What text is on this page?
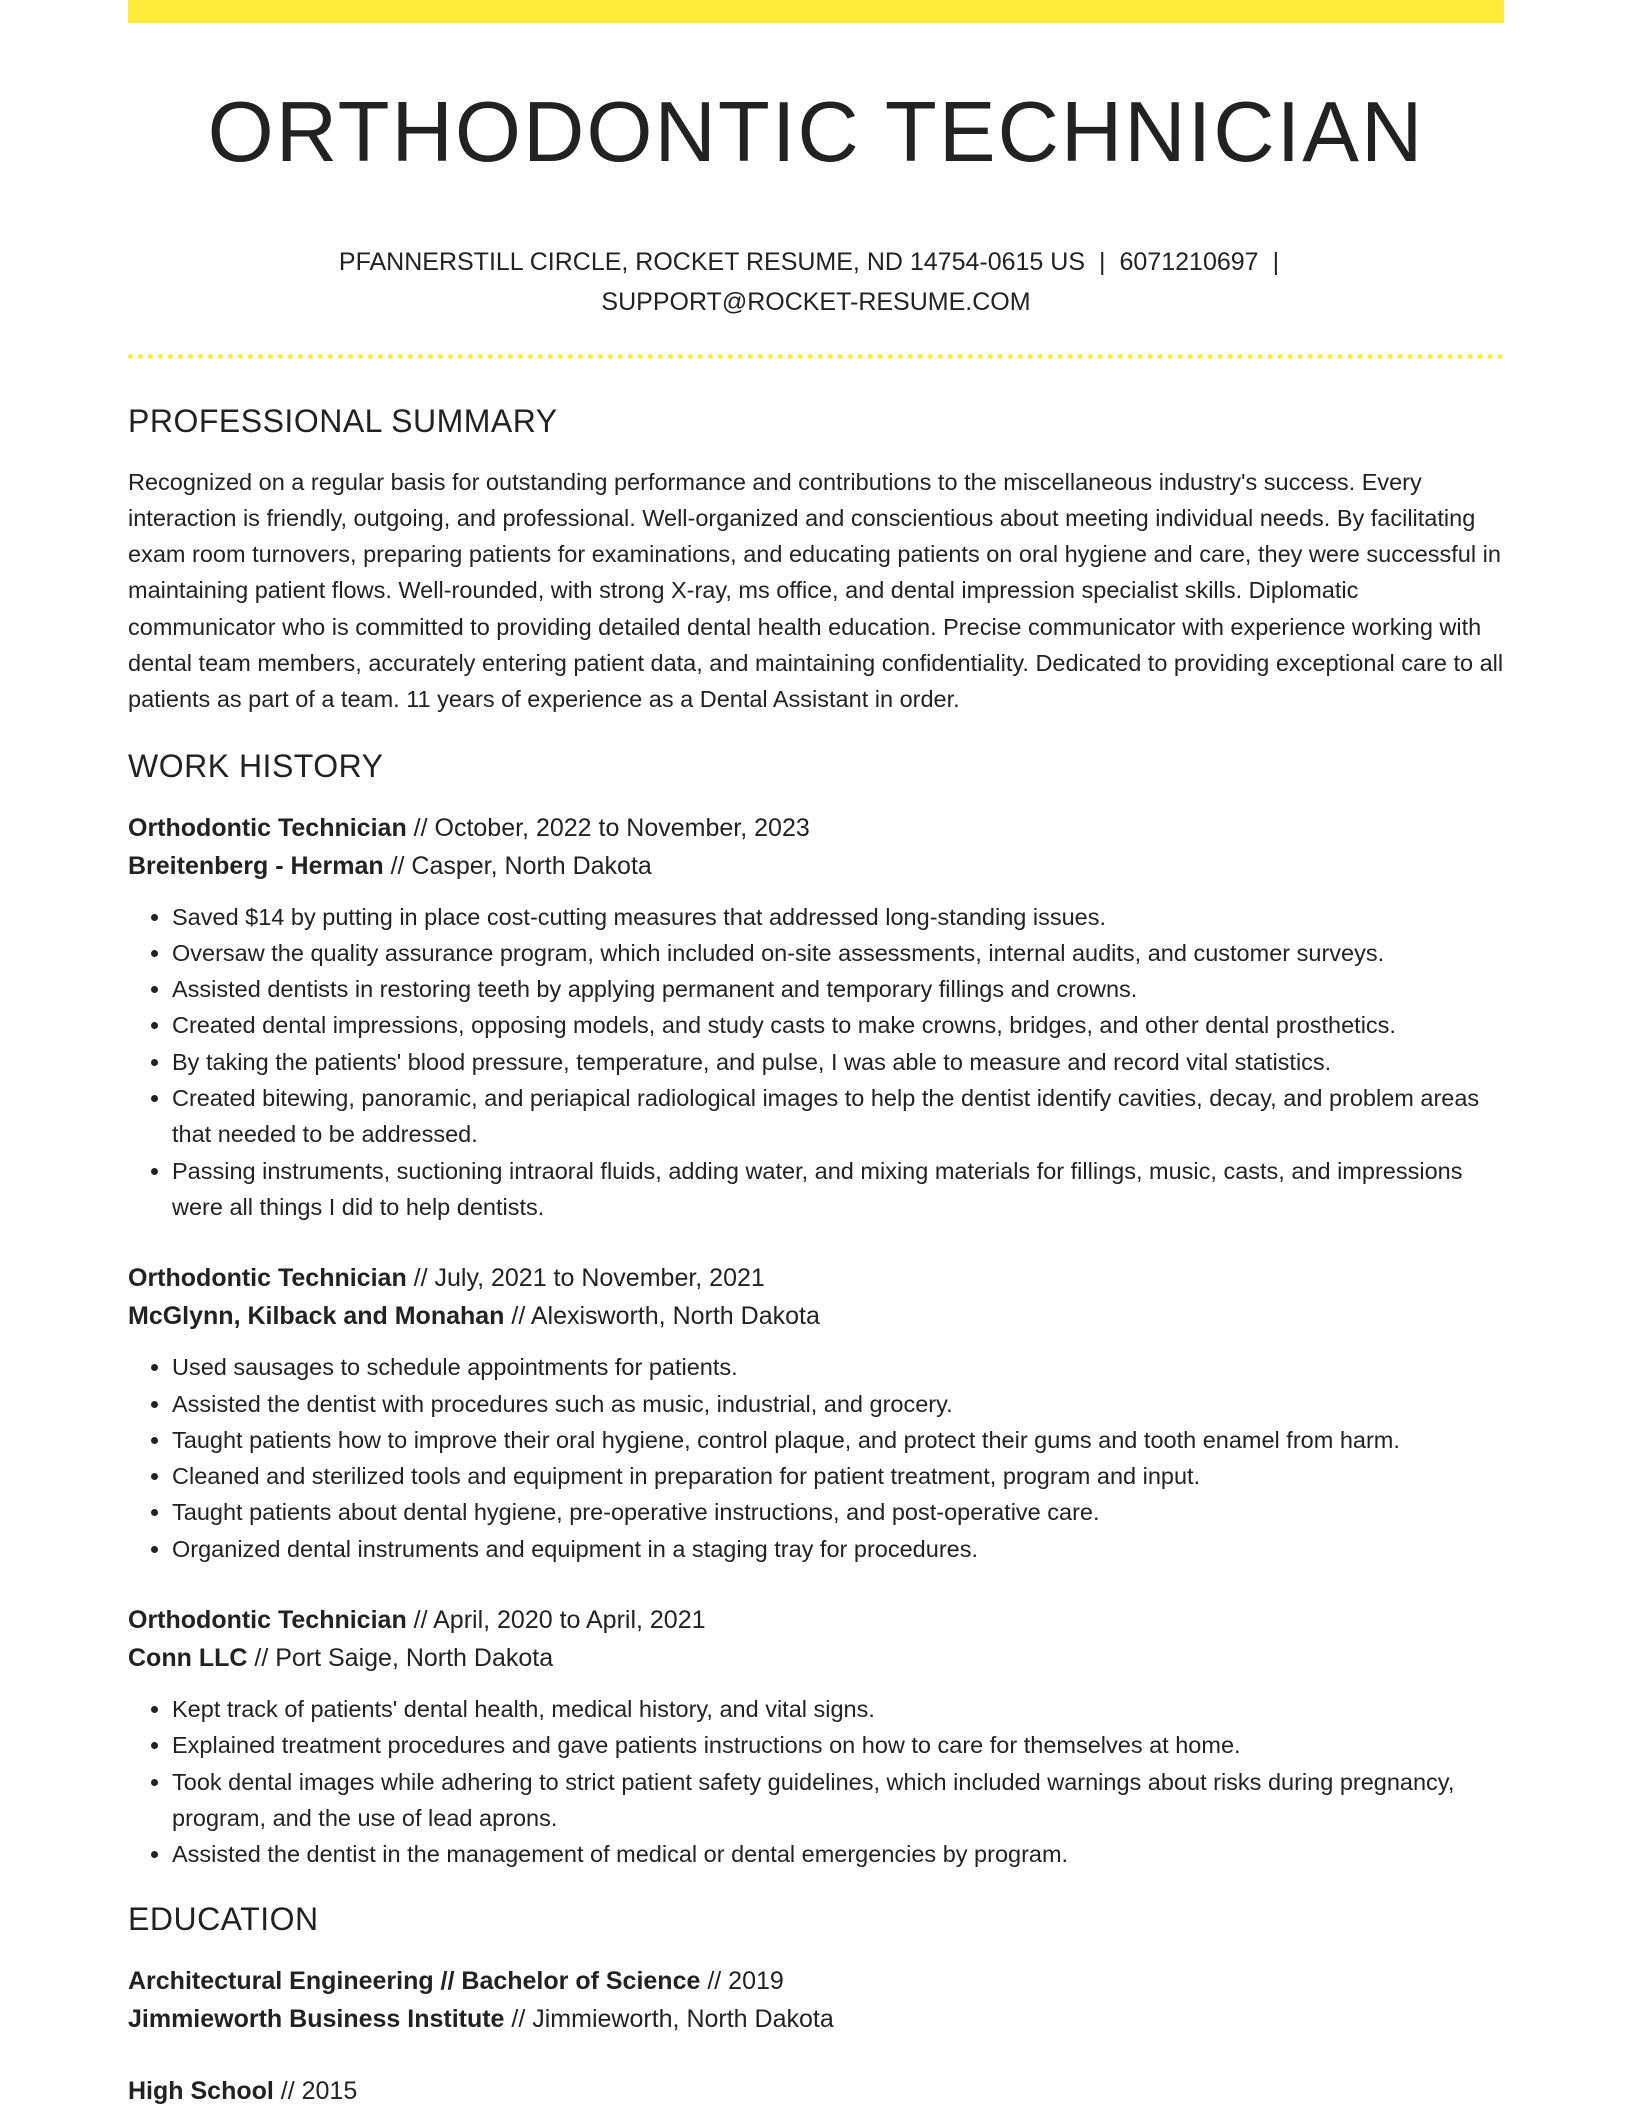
ORTHODONTIC TECHNICIAN
PFANNERSTILL CIRCLE, ROCKET RESUME, ND 14754-0615 US | 6071210697 |
SUPPORT@ROCKET-RESUME.COM
PROFESSIONAL SUMMARY

Recognized on a regular basis for outstanding performance and contributions to the miscellaneous industry's success. Every interaction is friendly, outgoing, and professional. Well-organized and conscientious about meeting individual needs. By facilitating exam room turnovers, preparing patients for examinations, and educating patients on oral hygiene and care, they were successful in maintaining patient flows. Well-rounded, with strong X-ray, ms office, and dental impression specialist skills. Diplomatic communicator who is committed to providing detailed dental health education. Precise communicator with experience working with dental team members, accurately entering patient data, and maintaining confidentiality. Dedicated to providing exceptional care to all patients as part of a team. 11 years of experience as a Dental Assistant in order.

WORK HISTORY
Orthodontic Technician // October, 2022 to November, 2023
Breitenberg - Herman // Casper, North Dakota
• Saved $14 by putting in place cost-cutting measures that addressed long-standing issues.
• Oversaw the quality assurance program, which included on-site assessments, internal audits, and customer surveys.
• Assisted dentists in restoring teeth by applying permanent and temporary fillings and crowns.
• Created dental impressions, opposing models, and study casts to make crowns, bridges, and other dental prosthetics.
• By taking the patients' blood pressure, temperature, and pulse, I was able to measure and record vital statistics.
• Created bitewing, panoramic, and periapical radiological images to help the dentist identify cavities, decay, and problem areas that needed to be addressed.
• Passing instruments, suctioning intraoral fluids, adding water, and mixing materials for fillings, music, casts, and impressions were all things I did to help dentists.
Orthodontic Technician // July, 2021 to November, 2021
McGlynn, Kilback and Monahan // Alexisworth, North Dakota
• Used sausages to schedule appointments for patients.
• Assisted the dentist with procedures such as music, industrial, and grocery.
• Taught patients how to improve their oral hygiene, control plaque, and protect their gums and tooth enamel from harm.
• Cleaned and sterilized tools and equipment in preparation for patient treatment, program and input.
• Taught patients about dental hygiene, pre-operative instructions, and post-operative care.
• Organized dental instruments and equipment in a staging tray for procedures.
Orthodontic Technician // April, 2020 to April, 2021
Conn LLC // Port Saige, North Dakota
• Kept track of patients' dental health, medical history, and vital signs.
• Explained treatment procedures and gave patients instructions on how to care for themselves at home.
• Took dental images while adhering to strict patient safety guidelines, which included warnings about risks during pregnancy, program, and the use of lead aprons.
• Assisted the dentist in the management of medical or dental emergencies by program.
EDUCATION
Architectural Engineering // Bachelor of Science // 2019
Jimmieworth Business Institute // Jimmieworth, North Dakota
High School // 2015
